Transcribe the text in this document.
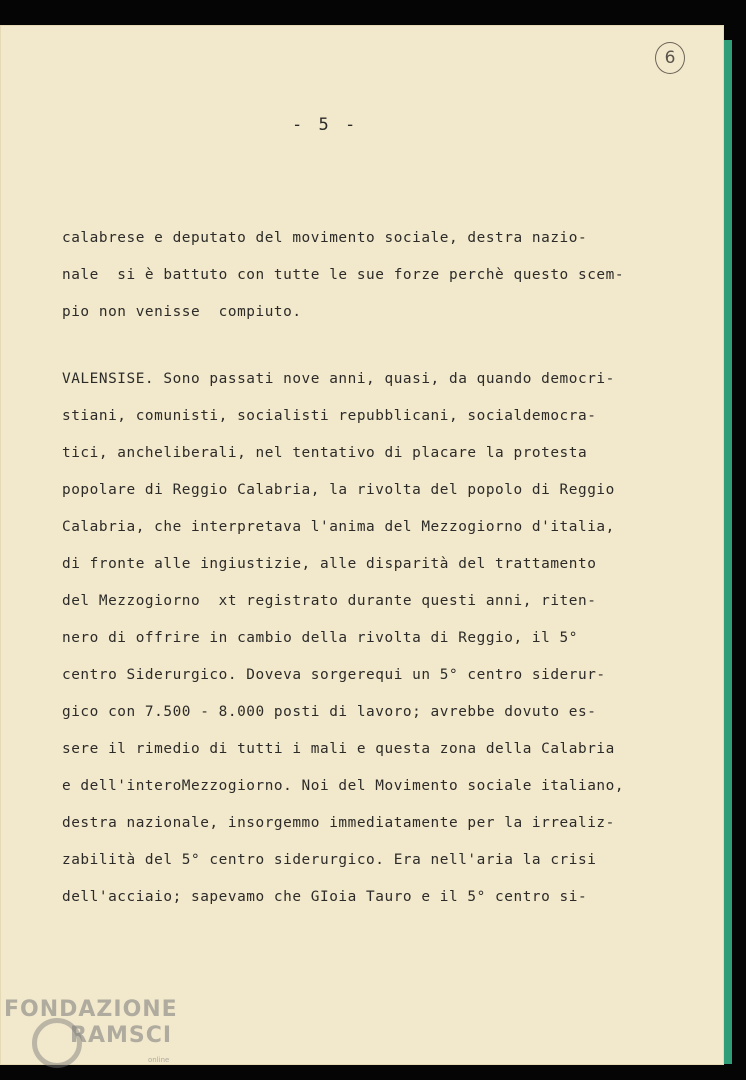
6
- 5 -
calabrese e deputato del movimento sociale, destra nazio-
nale  si è battuto con tutte le sue forze perchè questo scem-
pio non venisse  compiuto.
VALENSISE. Sono passati nove anni, quasi, da quando democri-
stiani, comunisti, socialisti repubblicani, socialdemocra-
tici, ancheliberali, nel tentativo di placare la protesta
popolare di Reggio Calabria, la rivolta del popolo di Reggio
Calabria, che interpretava l'anima del Mezzogiorno d'italia,
di fronte alle ingiustizie, alle disparità del trattamento
del Mezzogiorno  xt registrato durante questi anni, riten-
nero di offrire in cambio della rivolta di Reggio, il 5°
centro Siderurgico. Doveva sorgerequi un 5° centro siderur-
gico con 7.500 - 8.000 posti di lavoro; avrebbe dovuto es-
sere il rimedio di tutti i mali e questa zona della Calabria
e dell'interoMezzogiorno. Noi del Movimento sociale italiano,
destra nazionale, insorgemmo immediatamente per la irrealiz-
zabilità del 5° centro siderurgico. Era nell'aria la crisi
dell'acciaio; sapevamo che GIoia Tauro e il 5° centro si-
FONDAZIONE
RAMSCI
online
